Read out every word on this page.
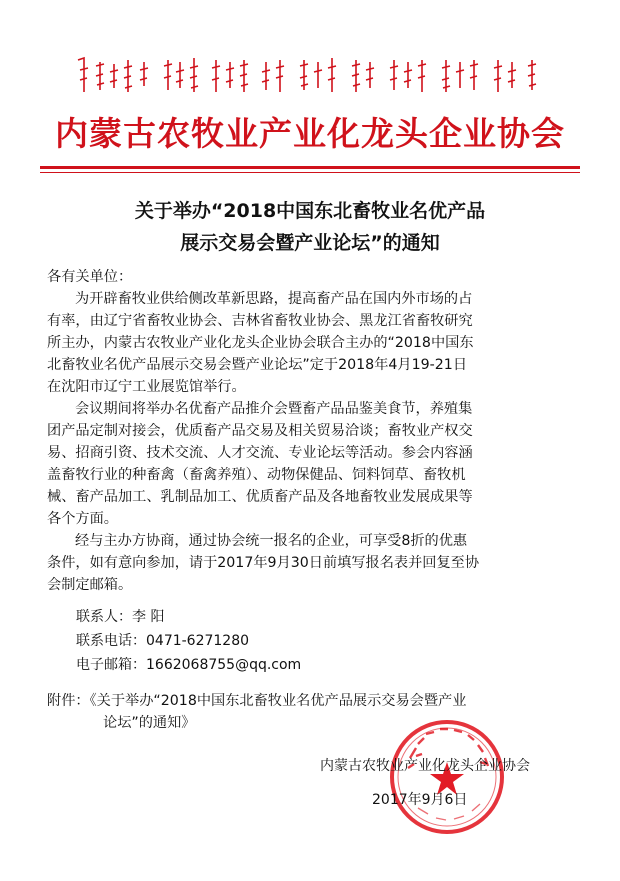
内蒙古农牧业产业化龙头企业协会
关于举办“2018中国东北畜牧业名优产品
展示交易会暨产业论坛”的通知
各有关单位：
为开辟畜牧业供给侧改革新思路，提高畜产品在国内外市场的占
有率，由辽宁省畜牧业协会、吉林省畜牧业协会、黑龙江省畜牧研究
所主办，内蒙古农牧业产业化龙头企业协会联合主办的“2018中国东
北畜牧业名优产品展示交易会暨产业论坛”定于2018年4月19-21日
在沈阳市辽宁工业展览馆举行。
会议期间将举办名优畜产品推介会暨畜产品品鉴美食节，养殖集
团产品定制对接会，优质畜产品交易及相关贸易洽谈；畜牧业产权交
易、招商引资、技术交流、人才交流、专业论坛等活动。参会内容涵
盖畜牧行业的种畜禽（畜禽养殖）、动物保健品、饲料饲草、畜牧机
械、畜产品加工、乳制品加工、优质畜产品及各地畜牧业发展成果等
各个方面。
经与主办方协商，通过协会统一报名的企业，可享受8折的优惠
条件，如有意向参加，请于2017年9月30日前填写报名表并回复至协
会制定邮箱。
联系人：李 阳
联系电话：0471-6271280
电子邮箱：1662068755@qq.com
附件：《关于举办“2018中国东北畜牧业名优产品展示交易会暨产业
论坛”的通知》
内蒙古农牧业产业化龙头企业协会
2017年9月6日
